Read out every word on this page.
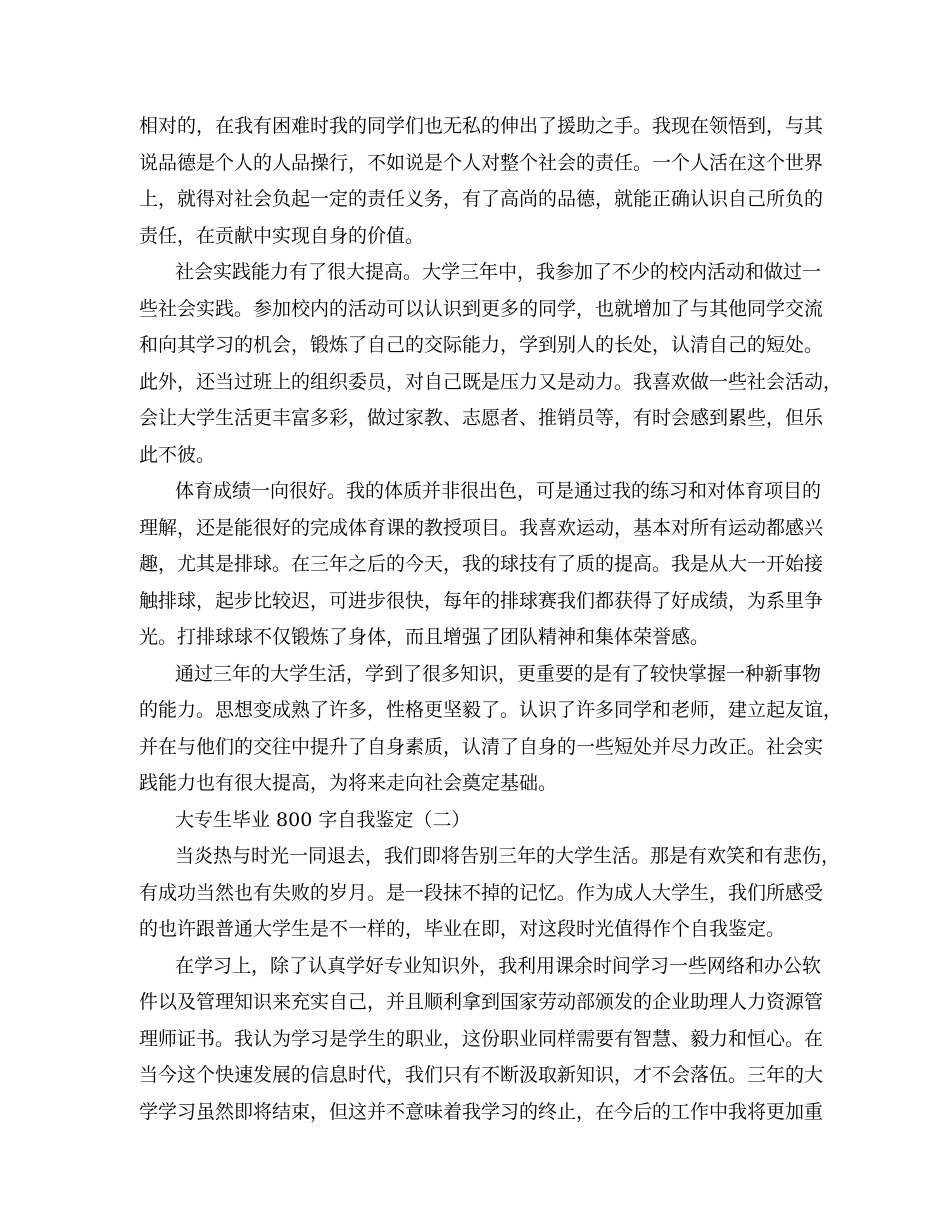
相对的，在我有困难时我的同学们也无私的伸出了援助之手。我现在领悟到，与其
说品德是个人的人品操行，不如说是个人对整个社会的责任。一个人活在这个世界
上，就得对社会负起一定的责任义务，有了高尚的品德，就能正确认识自己所负的
责任，在贡献中实现自身的价值。
社会实践能力有了很大提高。大学三年中，我参加了不少的校内活动和做过一
些社会实践。参加校内的活动可以认识到更多的同学，也就增加了与其他同学交流
和向其学习的机会，锻炼了自己的交际能力，学到别人的长处，认清自己的短处。
此外，还当过班上的组织委员，对自己既是压力又是动力。我喜欢做一些社会活动，
会让大学生活更丰富多彩，做过家教、志愿者、推销员等，有时会感到累些，但乐
此不彼。
体育成绩一向很好。我的体质并非很出色，可是通过我的练习和对体育项目的
理解，还是能很好的完成体育课的教授项目。我喜欢运动，基本对所有运动都感兴
趣，尤其是排球。在三年之后的今天，我的球技有了质的提高。我是从大一开始接
触排球，起步比较迟，可进步很快，每年的排球赛我们都获得了好成绩，为系里争
光。打排球球不仅锻炼了身体，而且增强了团队精神和集体荣誉感。
通过三年的大学生活，学到了很多知识，更重要的是有了较快掌握一种新事物
的能力。思想变成熟了许多，性格更坚毅了。认识了许多同学和老师，建立起友谊，
并在与他们的交往中提升了自身素质，认清了自身的一些短处并尽力改正。社会实
践能力也有很大提高，为将来走向社会奠定基础。
大专生毕业 800 字自我鉴定（二）
当炎热与时光一同退去，我们即将告别三年的大学生活。那是有欢笑和有悲伤，
有成功当然也有失败的岁月。是一段抹不掉的记忆。作为成人大学生，我们所感受
的也许跟普通大学生是不一样的，毕业在即，对这段时光值得作个自我鉴定。
在学习上，除了认真学好专业知识外，我利用课余时间学习一些网络和办公软
件以及管理知识来充实自己，并且顺利拿到国家劳动部颁发的企业助理人力资源管
理师证书。我认为学习是学生的职业，这份职业同样需要有智慧、毅力和恒心。在
当今这个快速发展的信息时代，我们只有不断汲取新知识，才不会落伍。三年的大
学学习虽然即将结束，但这并不意味着我学习的终止，在今后的工作中我将更加重
